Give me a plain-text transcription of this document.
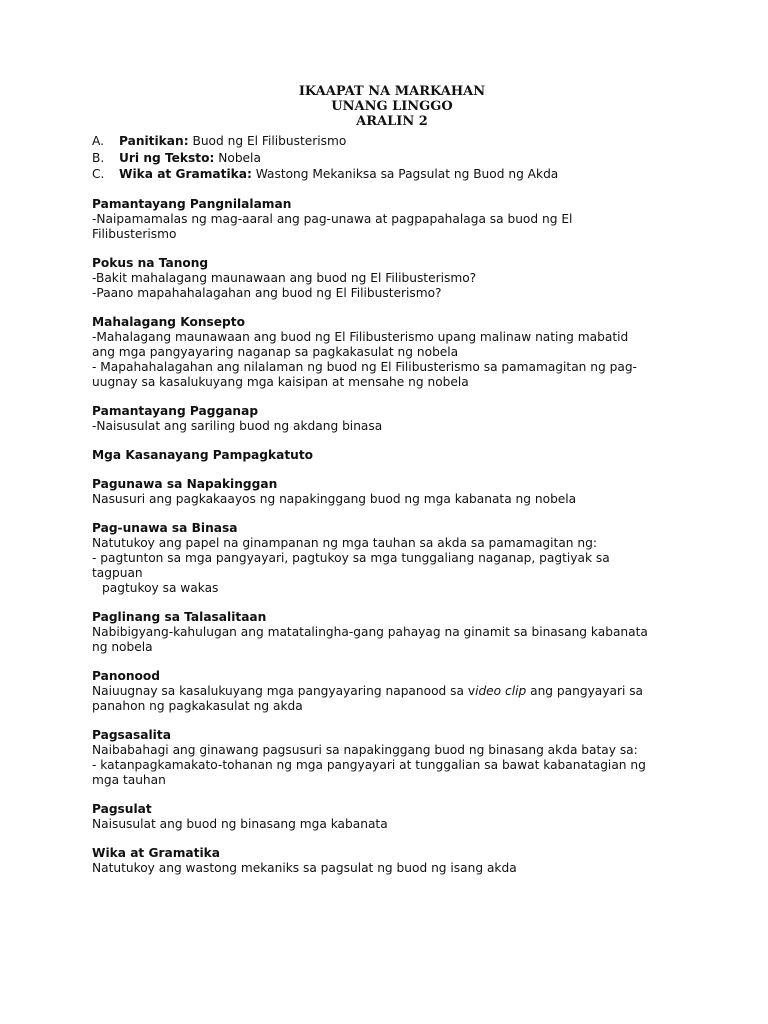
IKAAPAT NA MARKAHAN
UNANG LINGGO
ARALIN 2
A. Panitikan: Buod ng El Filibusterismo
B. Uri ng Teksto: Nobela
C. Wika at Gramatika: Wastong Mekaniksa sa Pagsulat ng Buod ng Akda
Pamantayang Pangnilalaman

-Naipamamalas ng mag-aaral ang pag-unawa at pagpapahalaga sa buod ng El

Filibusterismo

Pokus na Tanong

-Bakit mahalagang maunawaan ang buod ng El Filibusterismo?

-Paano mapahahalagahan ang buod ng El Filibusterismo?

Mahalagang Konsepto

-Mahalagang maunawaan ang buod ng El Filibusterismo upang malinaw nating mabatid

ang mga pangyayaring naganap sa pagkakasulat ng nobela

- Mapahahalagahan ang nilalaman ng buod ng El Filibusterismo sa pamamagitan ng pag-

uugnay sa kasalukuyang mga kaisipan at mensahe ng nobela

Pamantayang Pagganap

-Naisusulat ang sariling buod ng akdang binasa

Mga Kasanayang Pampagkatuto
Pagunawa sa Napakinggan

Nasusuri ang pagkakaayos ng napakinggang buod ng mga kabanata ng nobela

Pag-unawa sa Binasa

Natutukoy ang papel na ginampanan ng mga tauhan sa akda sa pamamagitan ng:

- pagtunton sa mga pangyayari, pagtukoy sa mga tunggaliang naganap, pagtiyak sa

tagpuan

pagtukoy sa wakas

Paglinang sa Talasalitaan

Nabibigyang-kahulugan ang matatalingha-gang pahayag na ginamit sa binasang kabanata

ng nobela

Panonood

Naiuugnay sa kasalukuyang mga pangyayaring napanood sa video clip ang pangyayari sa

panahon ng pagkakasulat ng akda

Pagsasalita

Naibabahagi ang ginawang pagsusuri sa napakinggang buod ng binasang akda batay sa:

- katanpagkamakato-tohanan ng mga pangyayari at tunggalian sa bawat kabanatagian ng

mga tauhan

Pagsulat

Naisusulat ang buod ng binasang mga kabanata

Wika at Gramatika

Natutukoy ang wastong mekaniks sa pagsulat ng buod ng isang akda
